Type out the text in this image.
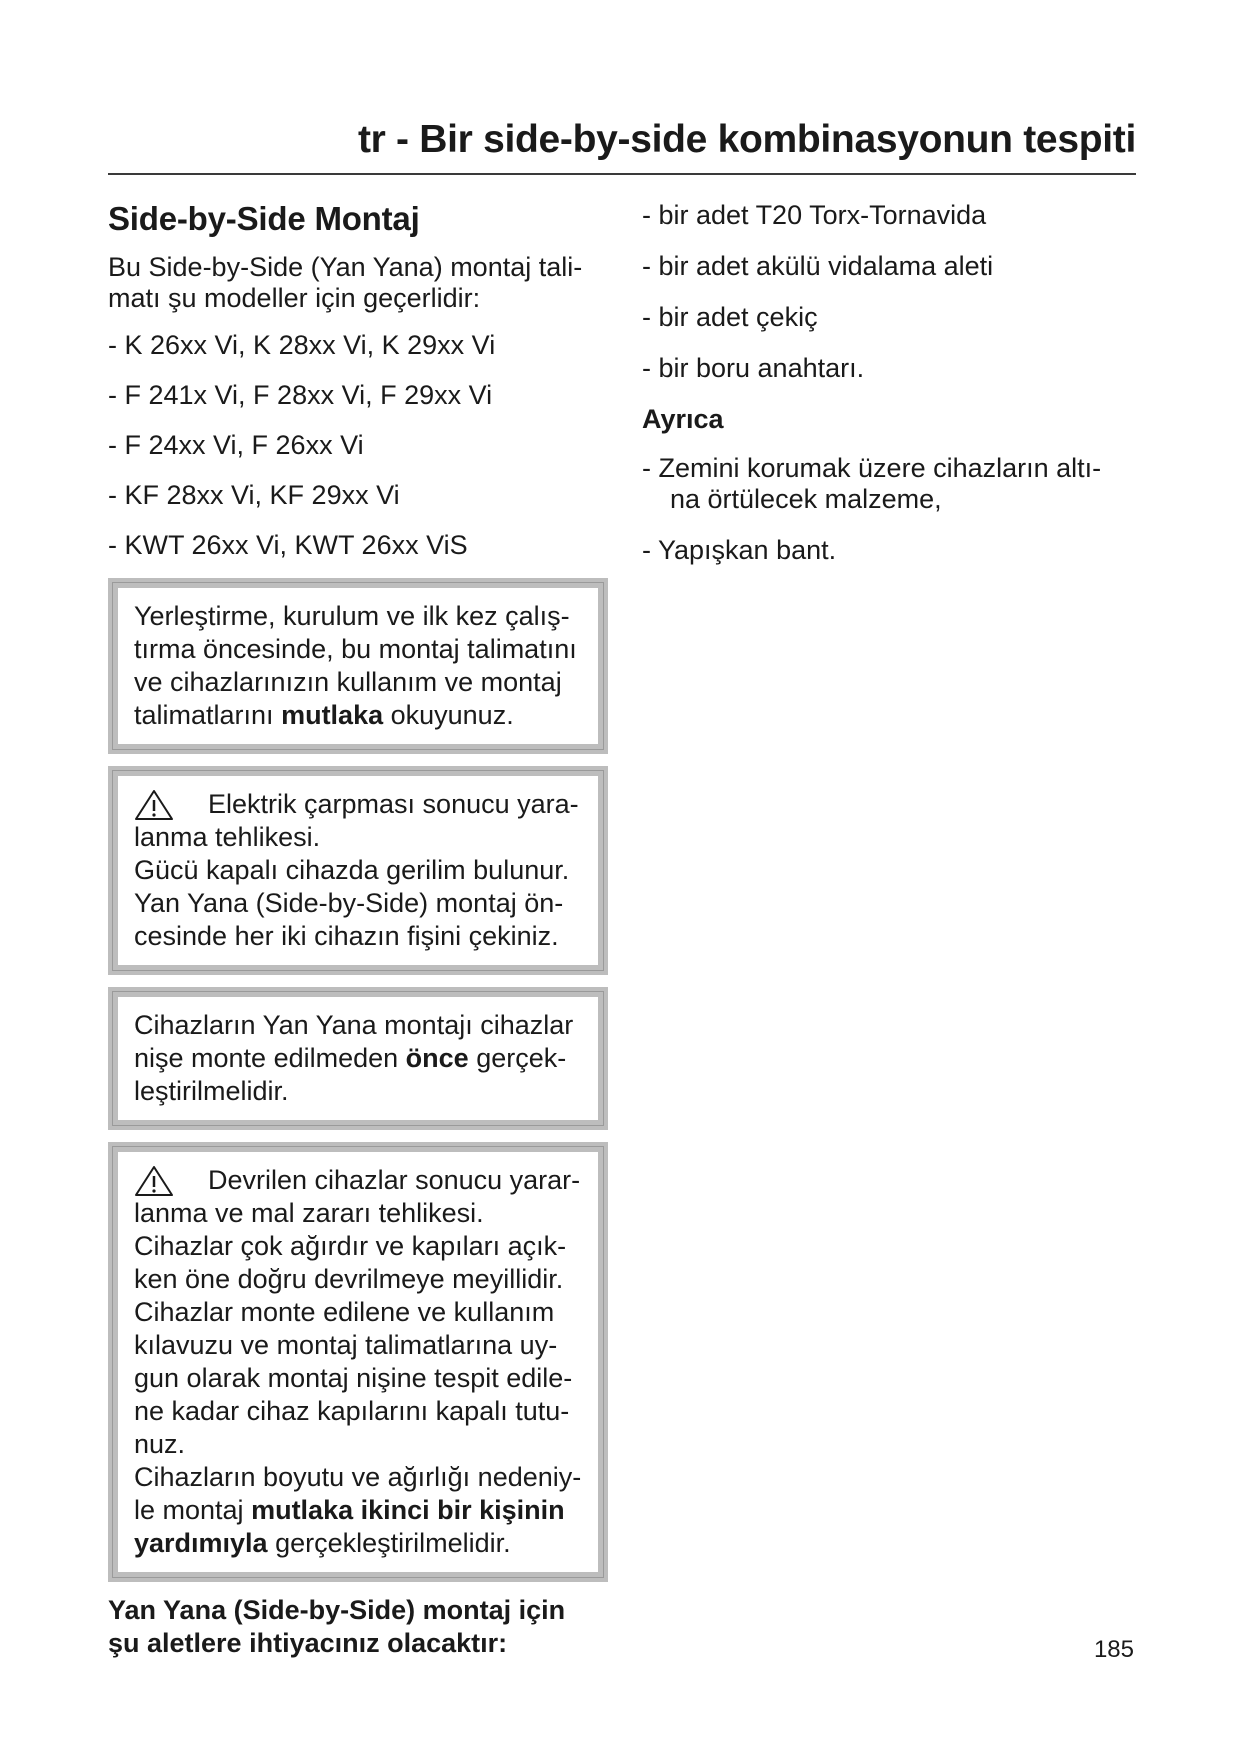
tr - Bir side-by-side kombinasyonun tespiti
Side-by-Side Montaj
Bu Side-by-Side (Yan Yana) montaj tali-
matı şu modeller için geçerlidir:
- K 26xx Vi, K 28xx Vi, K 29xx Vi
- F 241x Vi, F 28xx Vi, F 29xx Vi
- F 24xx Vi, F 26xx Vi
- KF 28xx Vi, KF 29xx Vi
- KWT 26xx Vi, KWT 26xx ViS

Yerleştirme, kurulum ve ilk kez çalış-

tırma öncesinde, bu montaj talimatını

ve cihazlarınızın kullanım ve montaj

talimatlarını mutlaka okuyunuz.

Elektrik çarpması sonucu yara-

lanma tehlikesi.

Gücü kapalı cihazda gerilim bulunur.

Yan Yana (Side-by-Side) montaj ön-

cesinde her iki cihazın fişini çekiniz.

Cihazların Yan Yana montajı cihazlar

nişe monte edilmeden önce gerçek-

leştirilmelidir.

Devrilen cihazlar sonucu yarar-

lanma ve mal zararı tehlikesi.

Cihazlar çok ağırdır ve kapıları açık-

ken öne doğru devrilmeye meyillidir.

Cihazlar monte edilene ve kullanım

kılavuzu ve montaj talimatlarına uy-

gun olarak montaj nişine tespit edile-

ne kadar cihaz kapılarını kapalı tutu-

nuz.

Cihazların boyutu ve ağırlığı nedeniy-

le montaj mutlaka ikinci bir kişinin

yardımıyla gerçekleştirilmelidir.

Yan Yana (Side-by-Side) montaj için
şu aletlere ihtiyacınız olacaktır:
- bir adet T20 Torx-Tornavida
- bir adet akülü vidalama aleti
- bir adet çekiç
- bir boru anahtarı.
Ayrıca
- Zemini korumak üzere cihazların altı-
na örtülecek malzeme,
- Yapışkan bant.
185
